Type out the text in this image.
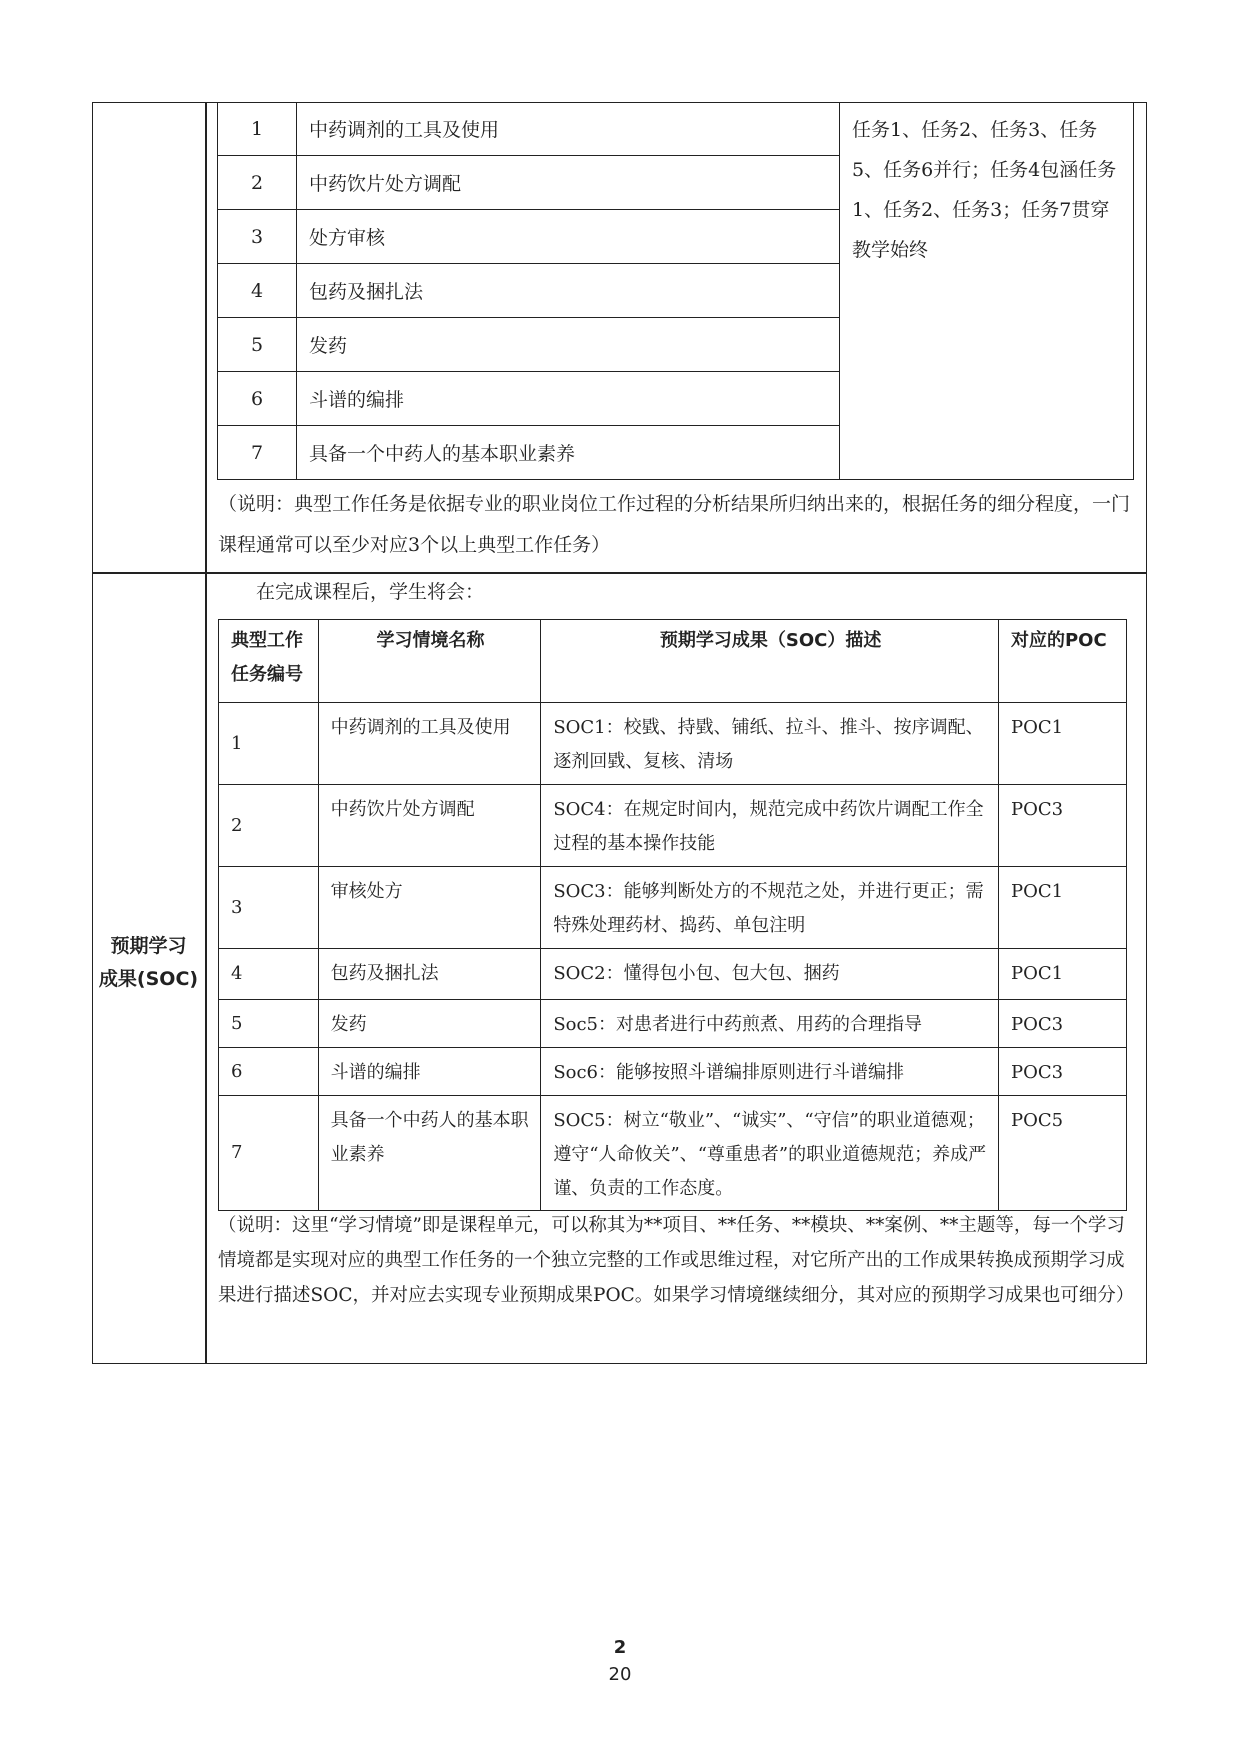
1	中药调剂的工具及使用	任务1、任务2、任务3、任务5、任务6并行；任务4包涵任务1、任务2、任务3；任务7贯穿教学始终
2	中药饮片处方调配	
3	处方审核	
4	包药及捆扎法	
5	发药	
6	斗谱的编排	
7	具备一个中药人的基本职业素养	
（说明：典型工作任务是依据专业的职业岗位工作过程的分析结果所归纳出来的，根据任务的细分程度，一门课程通常可以至少对应3个以上典型工作任务）
预期学习
成果(SOC)
在完成课程后，学生将会：
典型工作任务编号	学习情境名称	预期学习成果（SOC）描述	对应的POC
1	中药调剂的工具及使用	SOC1：校戥、持戥、铺纸、拉斗、推斗、按序调配、逐剂回戥、复核、清场	POC1
2	中药饮片处方调配	SOC4：在规定时间内，规范完成中药饮片调配工作全过程的基本操作技能	POC3
3	审核处方	SOC3：能够判断处方的不规范之处，并进行更正；需特殊处理药材、捣药、单包注明	POC1
4	包药及捆扎法	SOC2：懂得包小包、包大包、捆药	POC1
5	发药	Soc5：对患者进行中药煎煮、用药的合理指导	POC3
6	斗谱的编排	Soc6：能够按照斗谱编排原则进行斗谱编排	POC3
7	具备一个中药人的基本职业素养	SOC5：树立“敬业”、“诚实”、“守信”的职业道德观；遵守“人命攸关”、“尊重患者”的职业道德规范；养成严谨、负责的工作态度。	POC5
（说明：这里“学习情境”即是课程单元，可以称其为**项目、**任务、**模块、**案例、**主题等，每一个学习情境都是实现对应的典型工作任务的一个独立完整的工作或思维过程，对它所产出的工作成果转换成预期学习成果进行描述SOC，并对应去实现专业预期成果POC。如果学习情境继续细分，其对应的预期学习成果也可细分）
2
20
